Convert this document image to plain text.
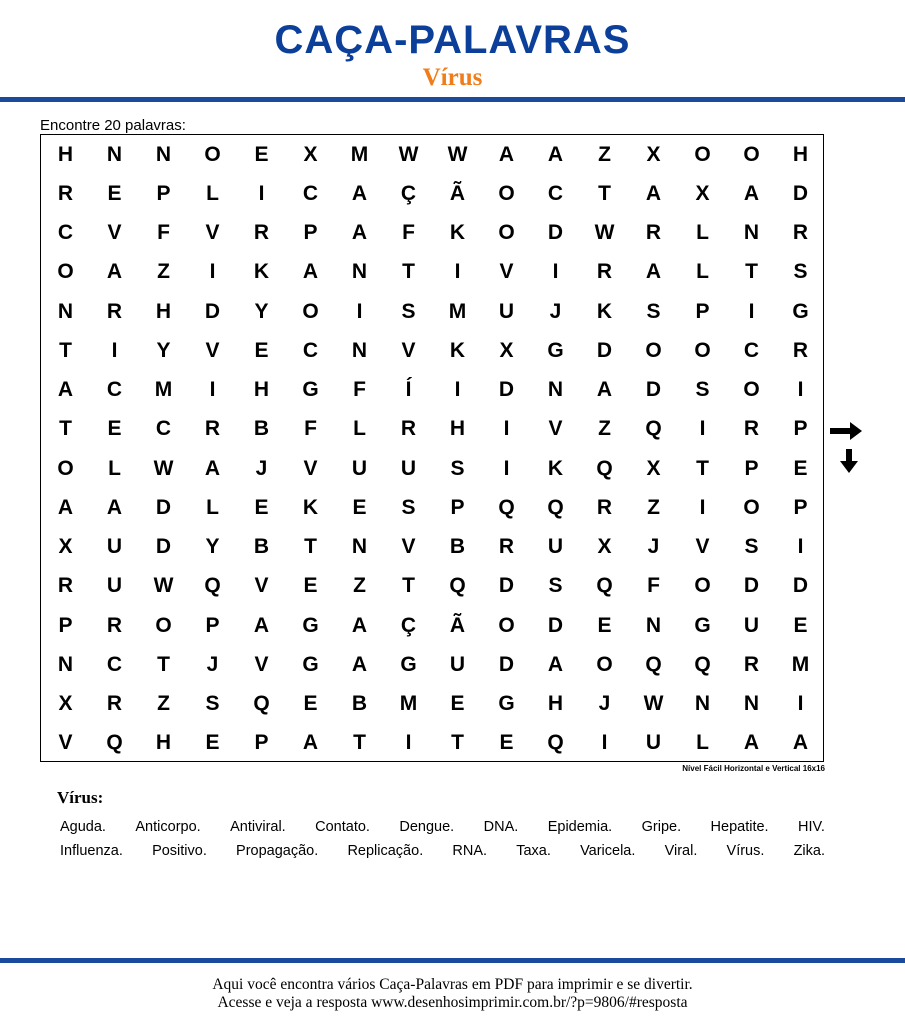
CAÇA-PALAVRAS
Vírus
Encontre 20 palavras:
H	N	N	O	E	X	M	W	W	A	A	Z	X	O	O	H
R	E	P	L	I	C	A	Ç	Ã	O	C	T	A	X	A	D
C	V	F	V	R	P	A	F	K	O	D	W	R	L	N	R
O	A	Z	I	K	A	N	T	I	V	I	R	A	L	T	S
N	R	H	D	Y	O	I	S	M	U	J	K	S	P	I	G
T	I	Y	V	E	C	N	V	K	X	G	D	O	O	C	R
A	C	M	I	H	G	F	Í	I	D	N	A	D	S	O	I
T	E	C	R	B	F	L	R	H	I	V	Z	Q	I	R	P
O	L	W	A	J	V	U	U	S	I	K	Q	X	T	P	E
A	A	D	L	E	K	E	S	P	Q	Q	R	Z	I	O	P
X	U	D	Y	B	T	N	V	B	R	U	X	J	V	S	I
R	U	W	Q	V	E	Z	T	Q	D	S	Q	F	O	D	D
P	R	O	P	A	G	A	Ç	Ã	O	D	E	N	G	U	E
N	C	T	J	V	G	A	G	U	D	A	O	Q	Q	R	M
X	R	Z	S	Q	E	B	M	E	G	H	J	W	N	N	I
V	Q	H	E	P	A	T	I	T	E	Q	I	U	L	A	A
Nível Fácil Horizontal e Vertical 16x16
Vírus:
Aguda. Anticorpo. Antiviral. Contato. Dengue. DNA. Epidemia. Gripe. Hepatite. HIV.
Influenza. Positivo. Propagação. Replicação. RNA. Taxa. Varicela. Viral. Vírus. Zika.
Aqui você encontra vários Caça-Palavras em PDF para imprimir e se divertir.
Acesse e veja a resposta www.desenhosimprimir.com.br/?p=9806/#resposta
